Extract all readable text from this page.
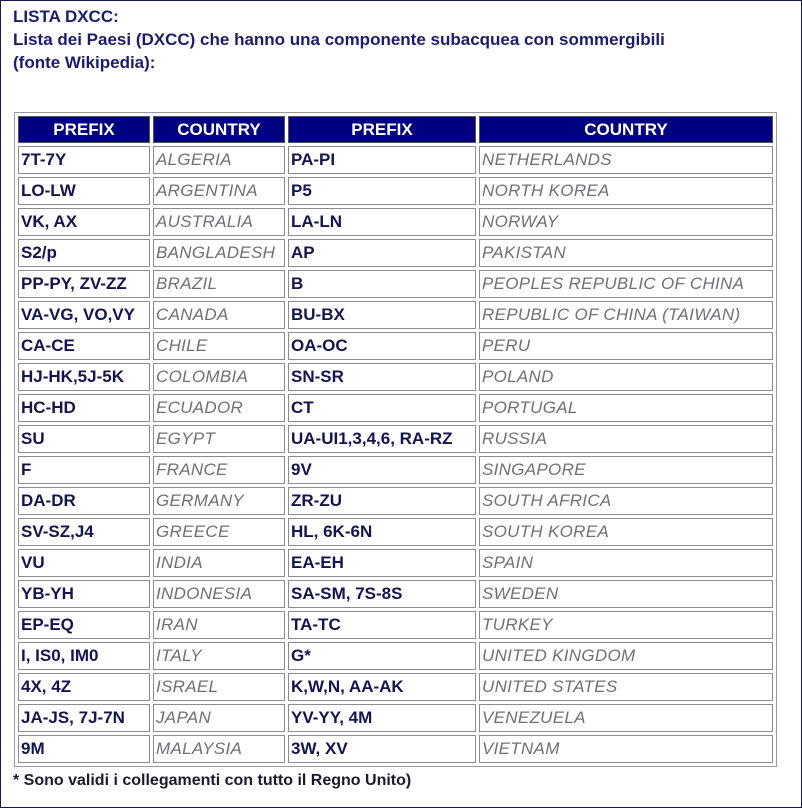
LISTA DXCC:
Lista dei Paesi (DXCC) che hanno una componente subacquea con sommergibili
(fonte Wikipedia):
PREFIX	COUNTRY	PREFIX	COUNTRY
7T-7Y	ALGERIA	PA-PI	NETHERLANDS
LO-LW	ARGENTINA	P5	NORTH KOREA
VK, AX	AUSTRALIA	LA-LN	NORWAY
S2/p	BANGLADESH	AP	PAKISTAN
PP-PY, ZV-ZZ	BRAZIL	B	PEOPLES REPUBLIC OF CHINA
VA-VG, VO,VY	CANADA	BU-BX	REPUBLIC OF CHINA (TAIWAN)
CA-CE	CHILE	OA-OC	PERU
HJ-HK,5J-5K	COLOMBIA	SN-SR	POLAND
HC-HD	ECUADOR	CT	PORTUGAL
SU	EGYPT	UA-UI1,3,4,6, RA-RZ	RUSSIA
F	FRANCE	9V	SINGAPORE
DA-DR	GERMANY	ZR-ZU	SOUTH AFRICA
SV-SZ,J4	GREECE	HL, 6K-6N	SOUTH KOREA
VU	INDIA	EA-EH	SPAIN
YB-YH	INDONESIA	SA-SM, 7S-8S	SWEDEN
EP-EQ	IRAN	TA-TC	TURKEY
I, IS0, IM0	ITALY	G*	UNITED KINGDOM
4X, 4Z	ISRAEL	K,W,N, AA-AK	UNITED STATES
JA-JS, 7J-7N	JAPAN	YV-YY, 4M	VENEZUELA
9M	MALAYSIA	3W, XV	VIETNAM
* Sono validi i collegamenti con tutto il Regno Unito)
